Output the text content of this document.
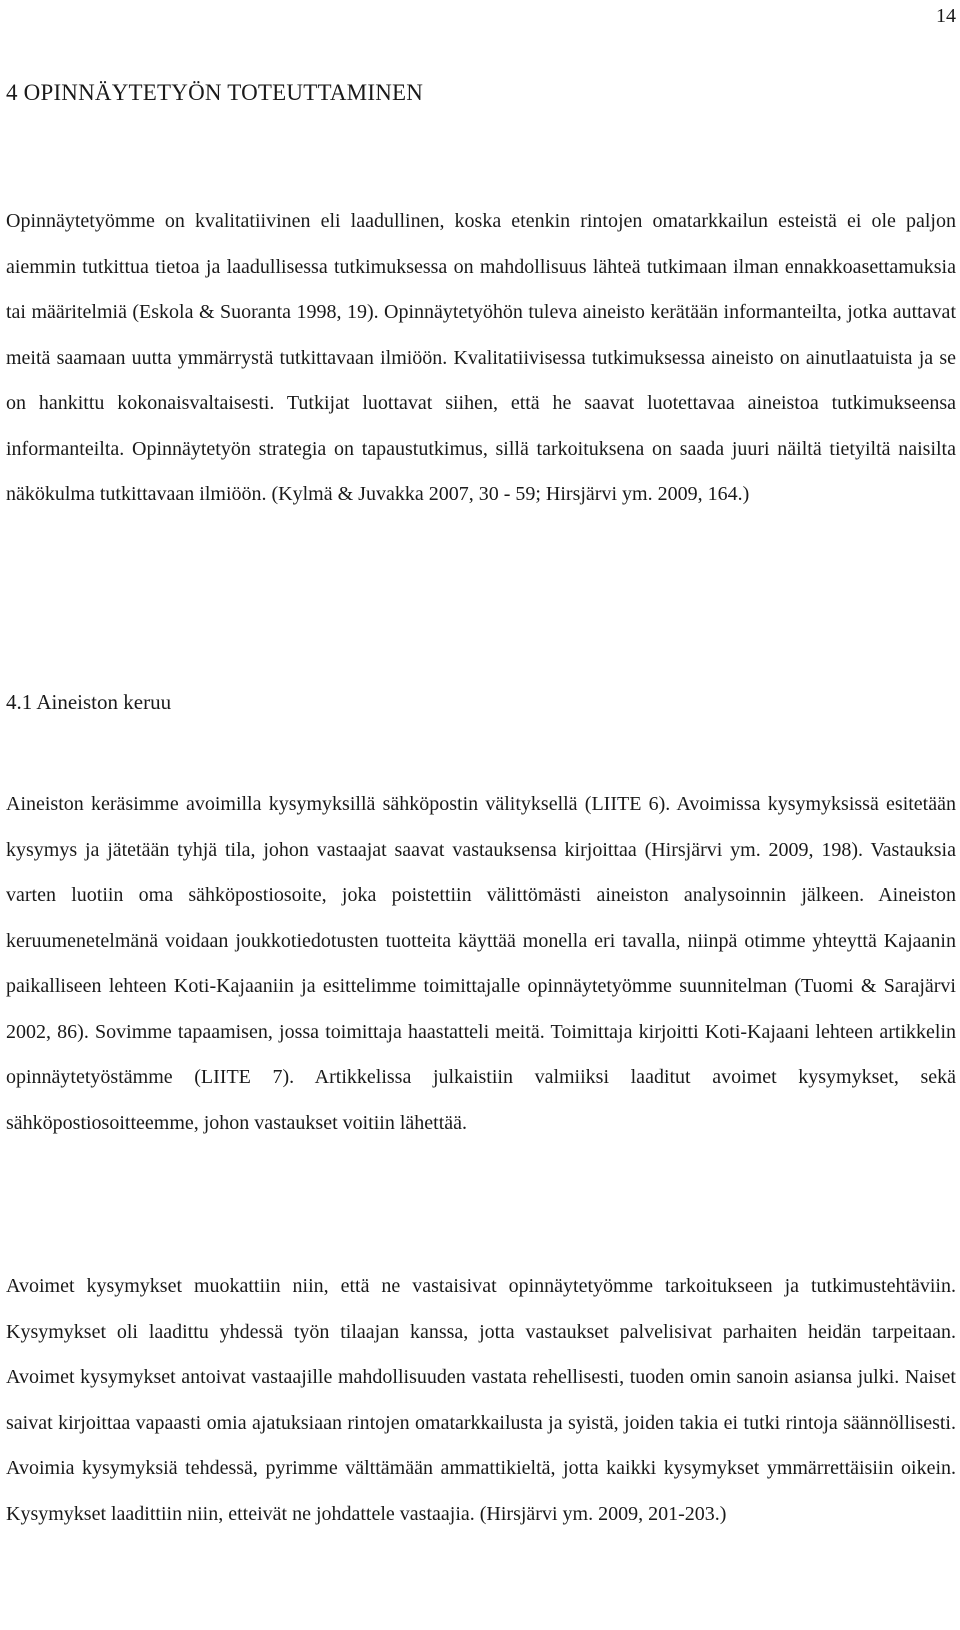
14
4 OPINNÄYTETYÖN TOTEUTTAMINEN

Opinnäytetyömme on kvalitatiivinen eli laadullinen, koska etenkin rintojen omatarkkailun esteistä ei ole paljon aiemmin tutkittua tietoa ja laadullisessa tutkimuksessa on mahdollisuus lähteä tutkimaan ilman ennakkoasettamuksia tai määritelmiä (Eskola & Suoranta 1998, 19). Opinnäytetyöhön tuleva aineisto kerätään informanteilta, jotka auttavat meitä saamaan uutta ymmärrystä tutkittavaan ilmiöön. Kvalitatiivisessa tutkimuksessa aineisto on ainutlaatuista ja se on hankittu kokonaisvaltaisesti. Tutkijat luottavat siihen, että he saavat luotettavaa aineistoa tutkimukseensa informanteilta. Opinnäytetyön strategia on tapaustutkimus, sillä tarkoituksena on saada juuri näiltä tietyiltä naisilta näkökulma tutkittavaan ilmiöön. (Kylmä & Juvakka 2007, 30 - 59; Hirsjärvi ym. 2009, 164.)

4.1 Aineiston keruu

Aineiston keräsimme avoimilla kysymyksillä sähköpostin välityksellä (LIITE 6). Avoimissa kysymyksissä esitetään kysymys ja jätetään tyhjä tila, johon vastaajat saavat vastauksensa kirjoittaa (Hirsjärvi ym. 2009, 198). Vastauksia varten luotiin oma sähköpostiosoite, joka poistettiin välittömästi aineiston analysoinnin jälkeen. Aineiston keruumenetelmänä voidaan joukkotiedotusten tuotteita käyttää monella eri tavalla, niinpä otimme yhteyttä Kajaanin paikalliseen lehteen Koti-Kajaaniin ja esittelimme toimittajalle opinnäytetyömme suunnitelman (Tuomi & Sarajärvi 2002, 86). Sovimme tapaamisen, jossa toimittaja haastatteli meitä. Toimittaja kirjoitti Koti-Kajaani lehteen artikkelin opinnäytetyöstämme (LIITE 7). Artikkelissa julkaistiin valmiiksi laaditut avoimet kysymykset, sekä sähköpostiosoitteemme, johon vastaukset voitiin lähettää.

Avoimet kysymykset muokattiin niin, että ne vastaisivat opinnäytetyömme tarkoitukseen ja tutkimustehtäviin. Kysymykset oli laadittu yhdessä työn tilaajan kanssa, jotta vastaukset palvelisivat parhaiten heidän tarpeitaan. Avoimet kysymykset antoivat vastaajille mahdollisuuden vastata rehellisesti, tuoden omin sanoin asiansa julki. Naiset saivat kirjoittaa vapaasti omia ajatuksiaan rintojen omatarkkailusta ja syistä, joiden takia ei tutki rintoja säännöllisesti. Avoimia kysymyksiä tehdessä, pyrimme välttämään ammattikieltä, jotta kaikki kysymykset ymmärrettäisiin oikein. Kysymykset laadittiin niin, etteivät ne johdattele vastaajia. (Hirsjärvi ym. 2009, 201-203.)
